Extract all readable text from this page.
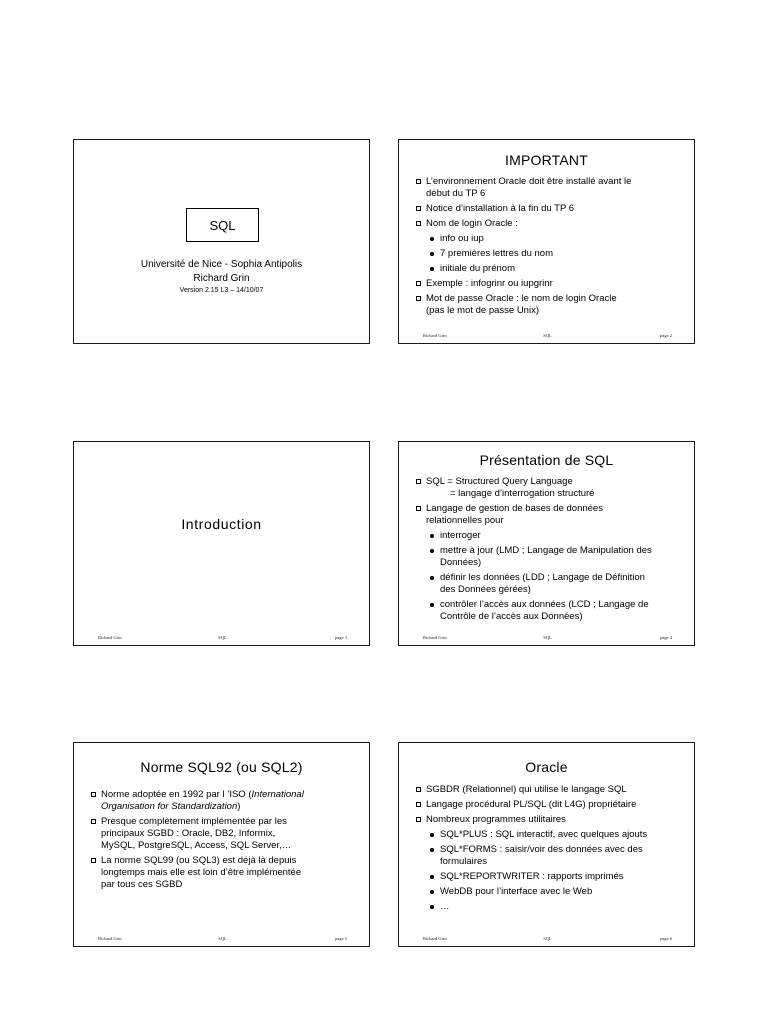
SQL
Université de Nice - Sophia Antipolis
Richard Grin
Version 2.15 L3 – 14/10/07
IMPORTANT
L’environnement Oracle doit être installé avant le
début du TP 6
Notice d’installation à la fin du TP 6
Nom de login Oracle :
info ou iup
7 premières lettres du nom
initiale du prénom
Exemple : infogrinr ou iupgrinr
Mot de passe Oracle : le nom de login Oracle
(pas le mot de passe Unix)
Richard Grin	SQL	page 2
Introduction
Richard Grin	SQL	page 3
Présentation de SQL
SQL = Structured Query Language

= langage d’interrogation structuré
Langage de gestion de bases de données
relationnelles pour
interroger
mettre à jour (LMD ; Langage de Manipulation des
Données)
définir les données (LDD ; Langage de Définition
des Données gérées)
contrôler l’accès aux données (LCD ; Langage de
Contrôle de l’accès aux Données)
Richard Grin	SQL	page 4
Norme SQL92 (ou SQL2)
Norme adoptée en 1992 par l ’ISO (International
Organisation for Standardization)
Presque complètement implémentée par les
principaux SGBD : Oracle, DB2, Informix,
MySQL, PostgreSQL, Access, SQL Server,…
La norme SQL99 (ou SQL3) est déjà là depuis
longtemps mais elle est loin d’être implémentée
par tous ces SGBD
Richard Grin	SQL	page 5
Oracle
SGBDR (Relationnel) qui utilise le langage SQL
Langage procédural PL/SQL (dit L4G) propriétaire
Nombreux programmes utilitaires
SQL*PLUS : SQL interactif, avec quelques ajouts
SQL*FORMS : saisir/voir des données avec des
formulaires
SQL*REPORTWRITER : rapports imprimés
WebDB pour l’interface avec le Web
…
Richard Grin	SQL	page 6
